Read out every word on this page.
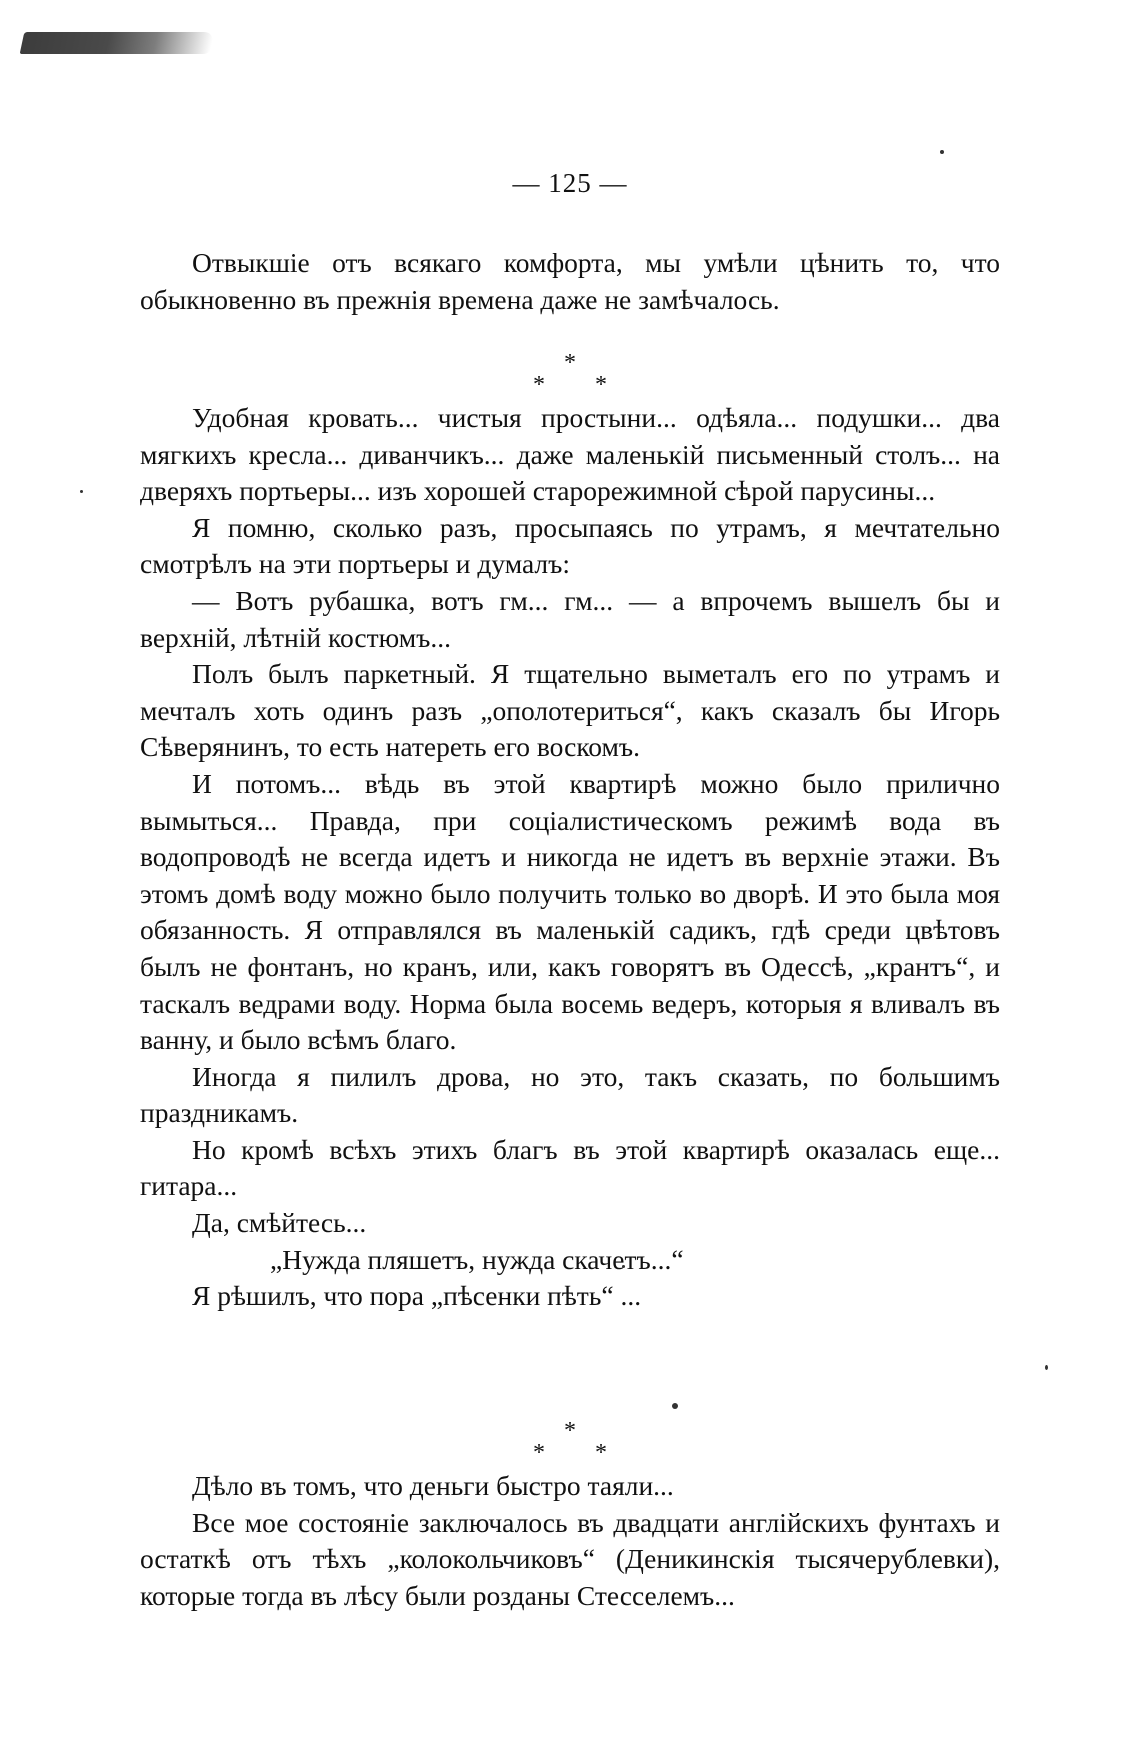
— 125 —

Отвыкшіе отъ всякаго комфорта, мы умѣли цѣнить то, что обыкновенно въ прежнія времена даже не замѣчалось.

*
* *

Удобная кровать... чистыя простыни... одѣяла... подушки... два мягкихъ кресла... диванчикъ... даже маленькій письменный столъ... на дверяхъ портьеры... изъ хорошей старорежимной сѣрой парусины...

Я помню, сколько разъ, просыпаясь по утрамъ, я мечтательно смотрѣлъ на эти портьеры и думалъ:

— Вотъ рубашка, вотъ гм... гм... — а впрочемъ вышелъ бы и верхній, лѣтній костюмъ...

Полъ былъ паркетный. Я тщательно выметалъ его по утрамъ и мечталъ хоть одинъ разъ „ополотериться“, какъ сказалъ бы Игорь Сѣверянинъ, то есть натереть его воскомъ.

И потомъ... вѣдь въ этой квартирѣ можно было прилично вымыться... Правда, при соціалистическомъ режимѣ вода въ водопроводѣ не всегда идетъ и никогда не идетъ въ верхніе этажи. Въ этомъ домѣ воду можно было получить только во дворѣ. И это была моя обязанность. Я отправлялся въ маленькій садикъ, гдѣ среди цвѣтовъ былъ не фонтанъ, но кранъ, или, какъ говорятъ въ Одессѣ, „крантъ“, и таскалъ ведрами воду. Норма была восемь ведеръ, которыя я вливалъ въ ванну, и было всѣмъ благо.

Иногда я пилилъ дрова, но это, такъ сказать, по большимъ праздникамъ.

Но кромѣ всѣхъ этихъ благъ въ этой квартирѣ оказалась еще... гитара...

Да, смѣйтесь...

„Нужда пляшетъ, нужда скачетъ...“

Я рѣшилъ, что пора „пѣсенки пѣть“ ...

*
* *

Дѣло въ томъ, что деньги быстро таяли...

Все мое состояніе заключалось въ двадцати англійскихъ фунтахъ и остаткѣ отъ тѣхъ „колокольчиковъ“ (Деникинскія тысячерублевки), которые тогда въ лѣсу были розданы Стесселемъ...
